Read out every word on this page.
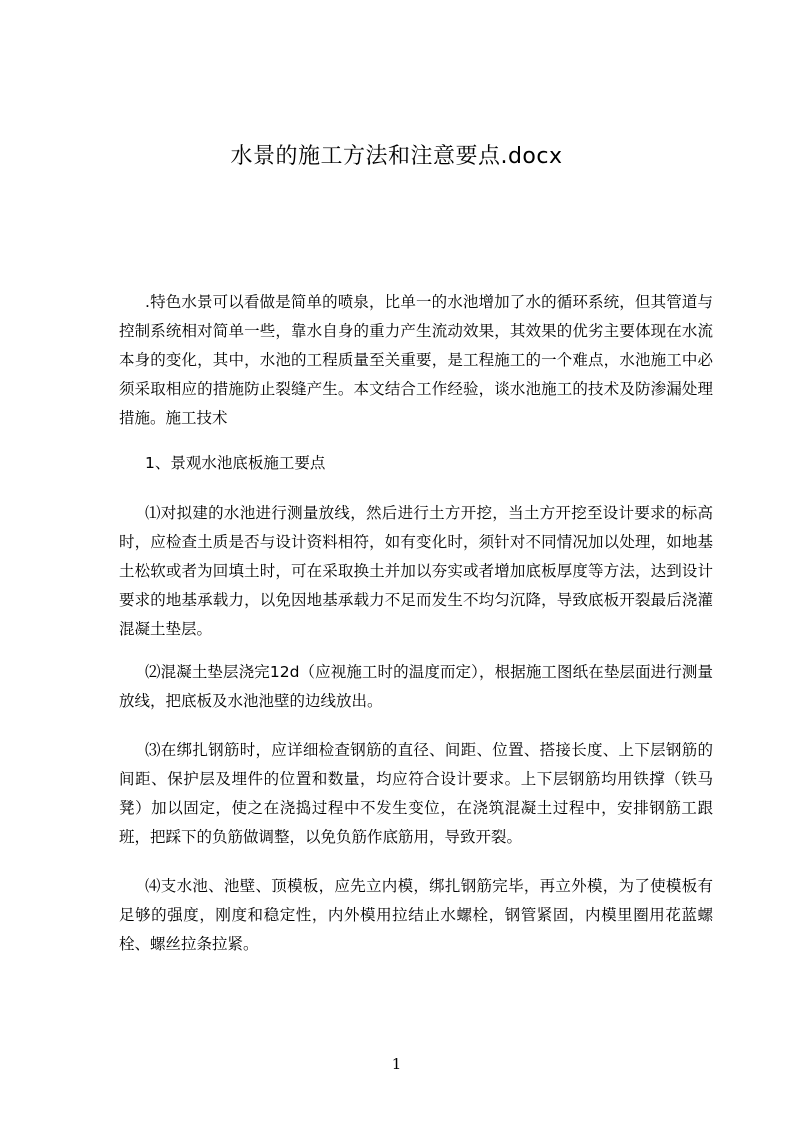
水景的施工方法和注意要点.docx

.特色水景可以看做是简单的喷泉，比单一的水池增加了水的循环系统，但其管道与控制系统相对简单一些，靠水自身的重力产生流动效果，其效果的优劣主要体现在水流本身的变化，其中，水池的工程质量至关重要，是工程施工的一个难点，水池施工中必须采取相应的措施防止裂缝产生。本文结合工作经验，谈水池施工的技术及防渗漏处理措施。施工技术

1、景观水池底板施工要点

⑴对拟建的水池进行测量放线，然后进行土方开挖，当土方开挖至设计要求的标高时，应检查土质是否与设计资料相符，如有变化时，须针对不同情况加以处理，如地基土松软或者为回填土时，可在采取换土并加以夯实或者增加底板厚度等方法，达到设计要求的地基承载力，以免因地基承载力不足而发生不均匀沉降，导致底板开裂最后浇灌混凝土垫层。

⑵混凝土垫层浇完12d（应视施工时的温度而定），根据施工图纸在垫层面进行测量放线，把底板及水池池壁的边线放出。

⑶在绑扎钢筋时，应详细检查钢筋的直径、间距、位置、搭接长度、上下层钢筋的间距、保护层及埋件的位置和数量，均应符合设计要求。上下层钢筋均用铁撑（铁马凳）加以固定，使之在浇捣过程中不发生变位，在浇筑混凝土过程中，安排钢筋工跟班，把踩下的负筋做调整，以免负筋作底筋用，导致开裂。

⑷支水池、池壁、顶模板，应先立内模，绑扎钢筋完毕，再立外模，为了使模板有足够的强度，刚度和稳定性，内外模用拉结止水螺栓，钢管紧固，内模里圈用花蓝螺栓、螺丝拉条拉紧。

1
